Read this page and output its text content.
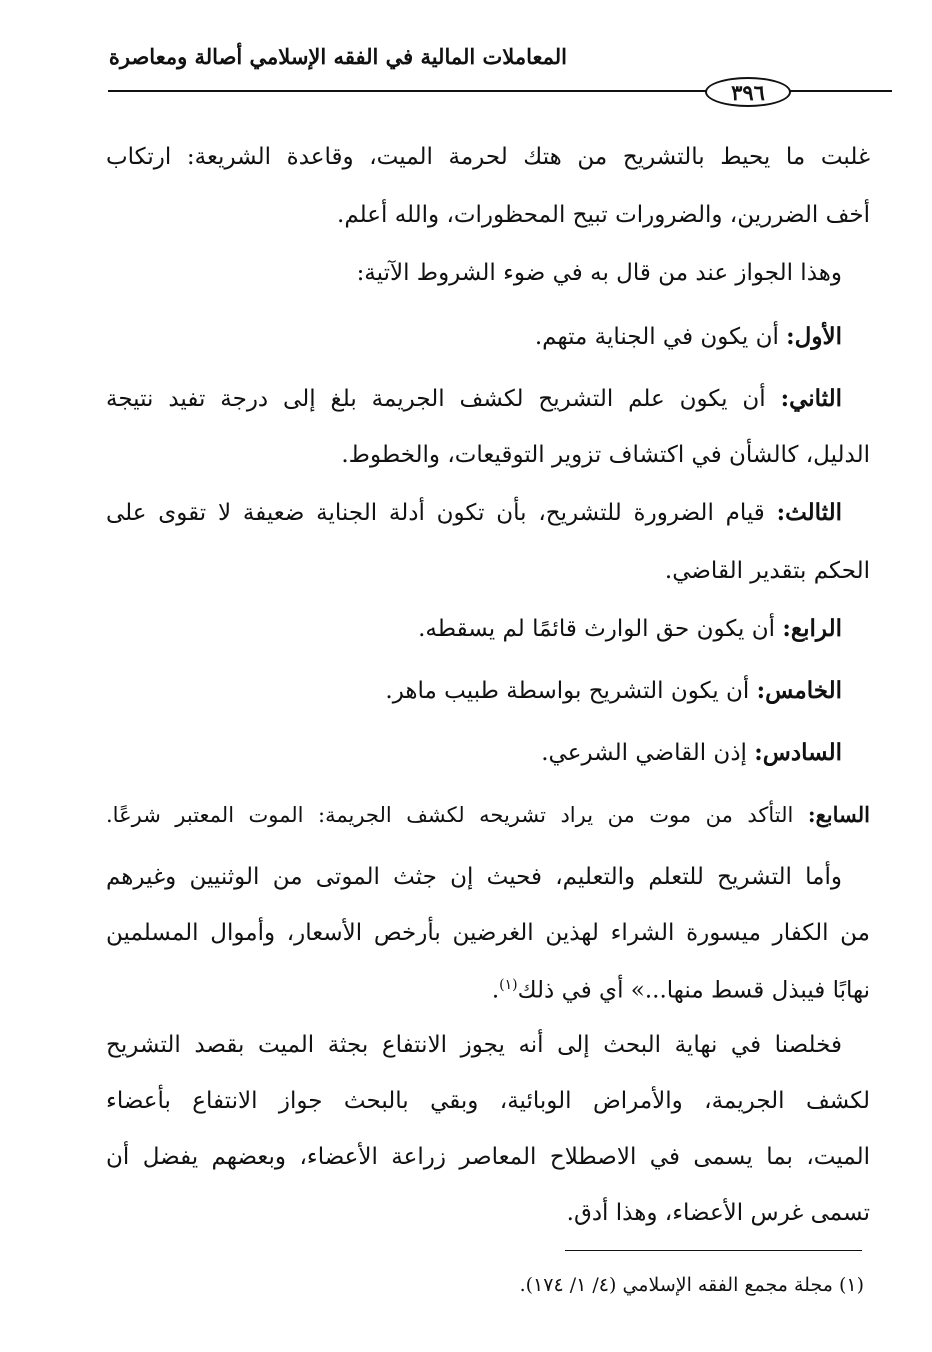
المعاملات المالية في الفقه الإسلامي أصالة ومعاصرة
٣٩٦
غلبت ما يحيط بالتشريح من هتك لحرمة الميت، وقاعدة الشريعة: ارتكاب
أخف الضررين، والضرورات تبيح المحظورات، والله أعلم.
وهذا الجواز عند من قال به في ضوء الشروط الآتية:
الأول: أن يكون في الجناية متهم.
الثاني: أن يكون علم التشريح لكشف الجريمة بلغ إلى درجة تفيد نتيجة
الدليل، كالشأن في اكتشاف تزوير التوقيعات، والخطوط.
الثالث: قيام الضرورة للتشريح، بأن تكون أدلة الجناية ضعيفة لا تقوى على
الحكم بتقدير القاضي.
الرابع: أن يكون حق الوارث قائمًا لم يسقطه.
الخامس: أن يكون التشريح بواسطة طبيب ماهر.
السادس: إذن القاضي الشرعي.
السابع: التأكد من موت من يراد تشريحه لكشف الجريمة: الموت المعتبر شرعًا.
وأما التشريح للتعلم والتعليم، فحيث إن جثث الموتى من الوثنيين وغيرهم
من الكفار ميسورة الشراء لهذين الغرضين بأرخص الأسعار، وأموال المسلمين
نهابًا فيبذل قسط منها...» أي في ذلك$^{(١)}$.
فخلصنا في نهاية البحث إلى أنه يجوز الانتفاع بجثة الميت بقصد التشريح
لكشف الجريمة، والأمراض الوبائية، وبقي بالبحث جواز الانتفاع بأعضاء
الميت، بما يسمى في الاصطلاح المعاصر زراعة الأعضاء، وبعضهم يفضل أن
تسمى غرس الأعضاء، وهذا أدق.
(١) مجلة مجمع الفقه الإسلامي (٤/ ١/ ١٧٤).
